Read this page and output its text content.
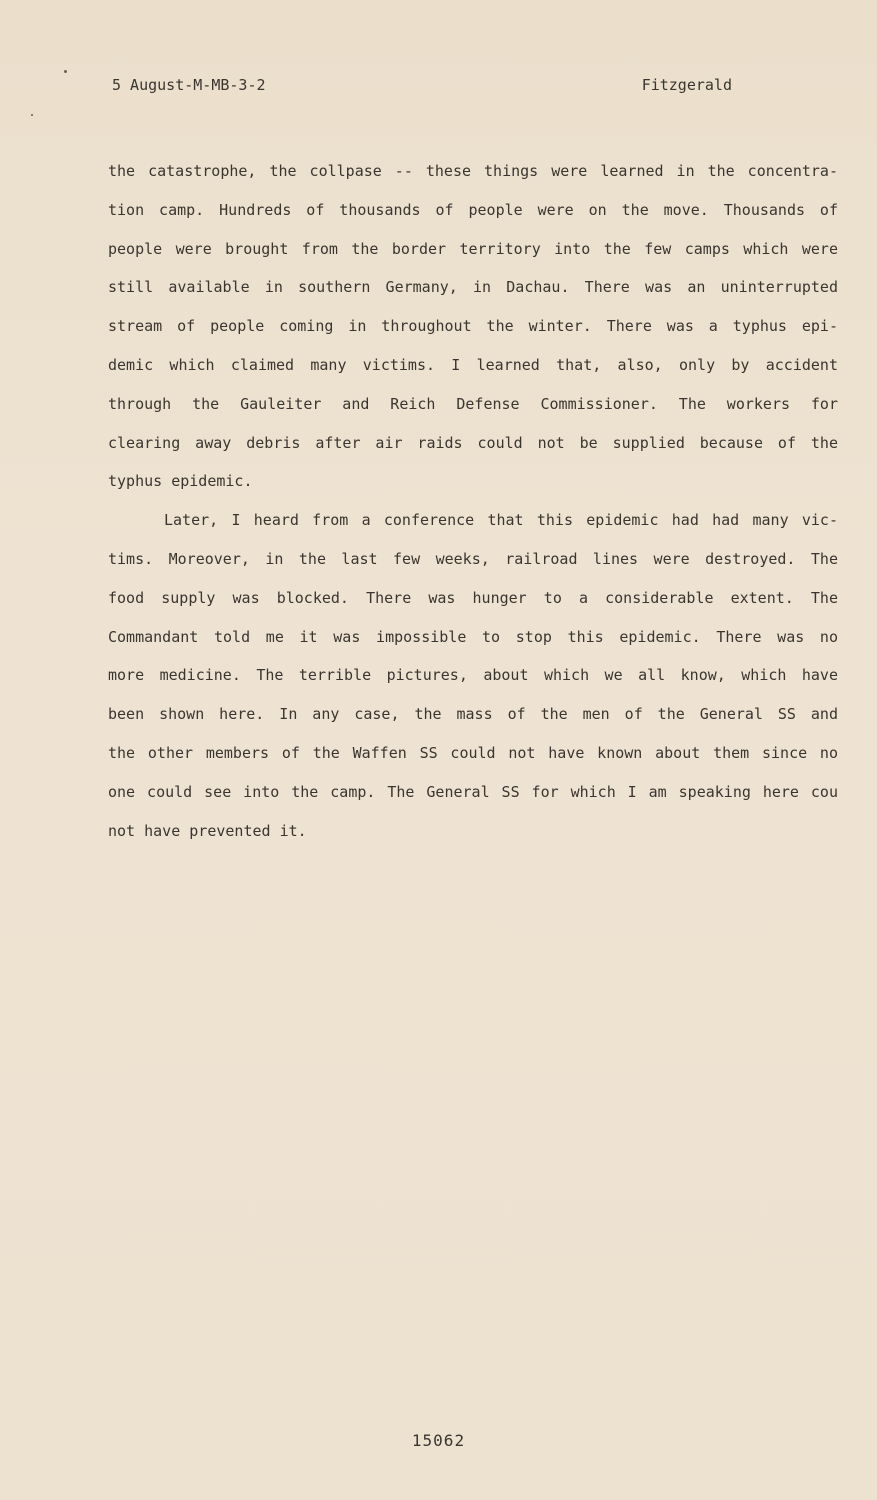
5 August-M-MB-3-2	Fitzgerald
the catastrophe, the collpase -- these things were learned in the concentra-
tion camp. Hundreds of thousands of people were on the move. Thousands of
people were brought from the border territory into the few camps which were
still available in southern Germany, in Dachau. There was an uninterrupted
stream of people coming in throughout the winter. There was a typhus epi-
demic which claimed many victims. I learned that, also, only by accident
through the Gauleiter and Reich Defense Commissioner. The workers for
clearing away debris after air raids could not be supplied because of the
typhus epidemic.
Later, I heard from a conference that this epidemic had had many vic-
tims. Moreover, in the last few weeks, railroad lines were destroyed. The
food supply was blocked. There was hunger to a considerable extent. The
Commandant told me it was impossible to stop this epidemic. There was no
more medicine. The terrible pictures, about which we all know, which have
been shown here. In any case, the mass of the men of the General SS and
the other members of the Waffen SS could not have known about them since no
one could see into the camp. The General SS for which I am speaking here cou
not have prevented it.
15062
